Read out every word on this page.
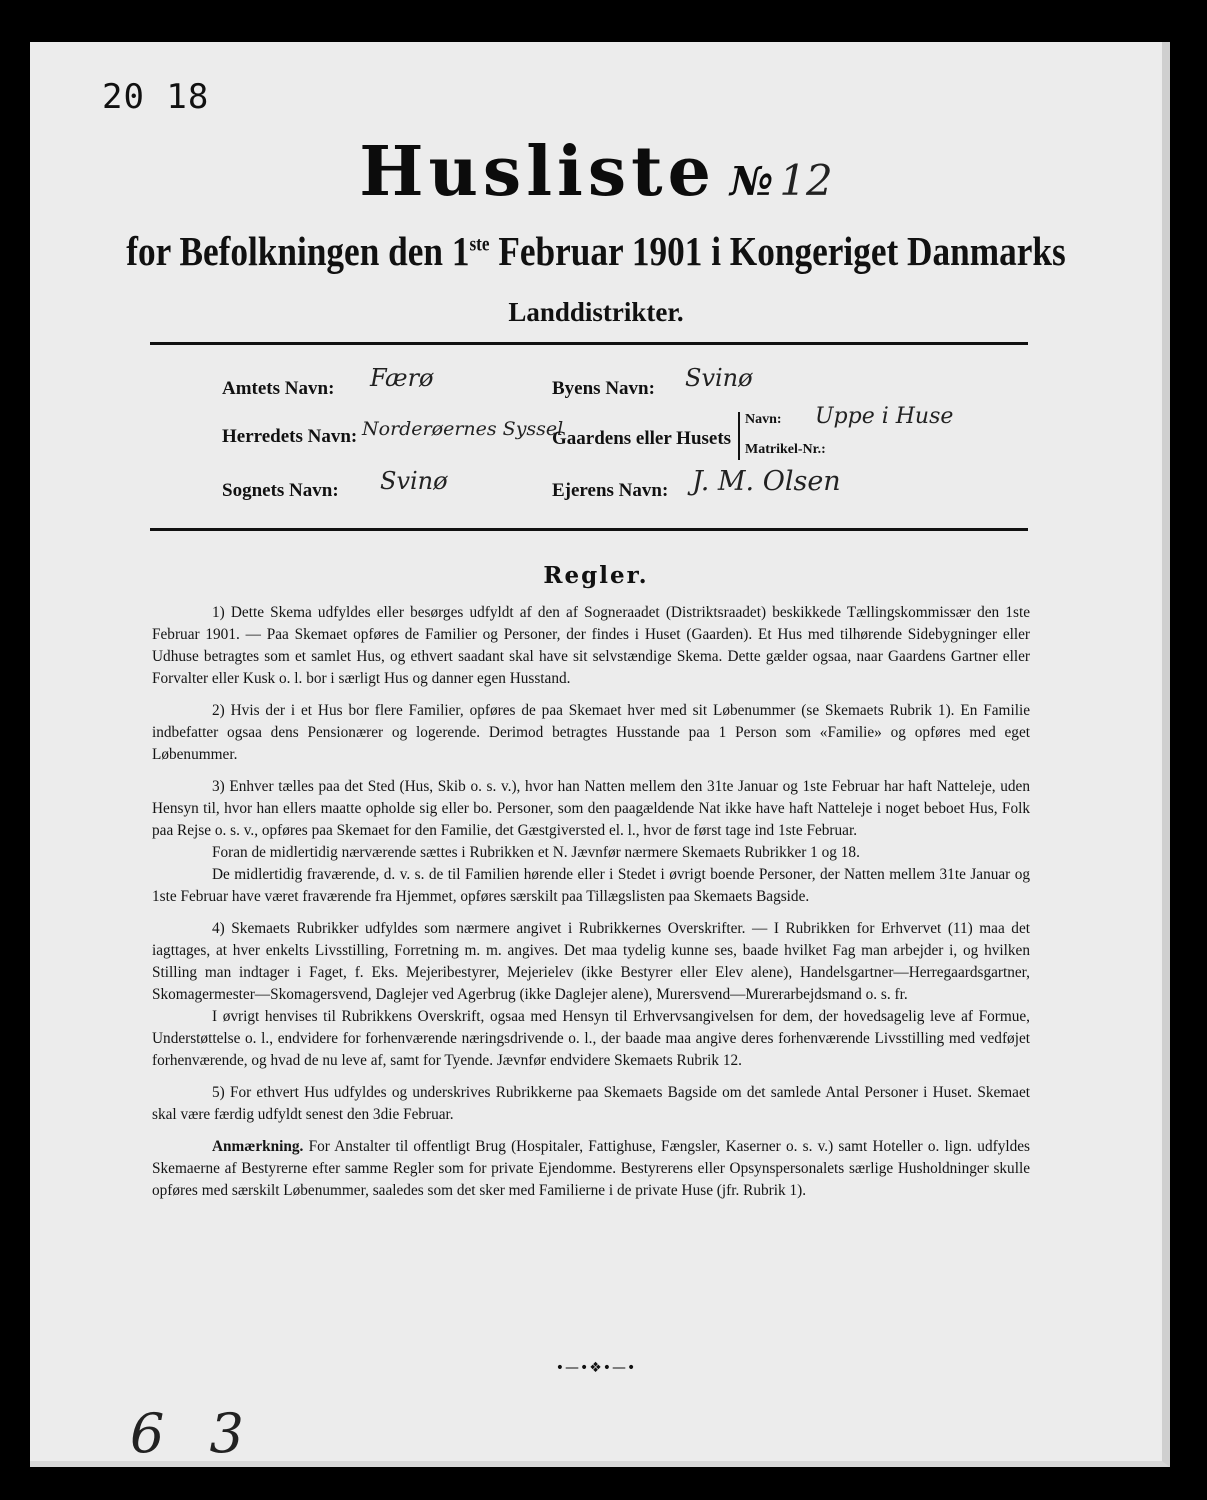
20 18
Husliste № 12
for Befolkningen den 1ste Februar 1901 i Kongeriget Danmarks
Landdistrikter.
Amtets Navn: Færø
Herredets Navn: Norderøernes Syssel
Sognets Navn: Svinø
Byens Navn: Svinø
Gaardens eller Husets
Navn: Uppe i Huse
Matrikel-Nr.:
Ejerens Navn: J. M. Olsen
Regler.

1) Dette Skema udfyldes eller besørges udfyldt af den af Sogneraadet (Distriktsraadet) beskikkede Tællingskommissær den 1ste Februar 1901. — Paa Skemaet opføres de Familier og Personer, der findes i Huset (Gaarden). Et Hus med tilhørende Sidebygninger eller Udhuse betragtes som et samlet Hus, og ethvert saadant skal have sit selvstændige Skema. Dette gælder ogsaa, naar Gaardens Gartner eller Forvalter eller Kusk o. l. bor i særligt Hus og danner egen Husstand.

2) Hvis der i et Hus bor flere Familier, opføres de paa Skemaet hver med sit Løbenummer (se Skemaets Rubrik 1). En Familie indbefatter ogsaa dens Pensionærer og logerende. Derimod betragtes Husstande paa 1 Person som «Familie» og opføres med eget Løbenummer.

3) Enhver tælles paa det Sted (Hus, Skib o. s. v.), hvor han Natten mellem den 31te Januar og 1ste Februar har haft Natteleje, uden Hensyn til, hvor han ellers maatte opholde sig eller bo. Personer, som den paagældende Nat ikke have haft Natteleje i noget beboet Hus, Folk paa Rejse o. s. v., opføres paa Skemaet for den Familie, det Gæstgiversted el. l., hvor de først tage ind 1ste Februar.

Foran de midlertidig nærværende sættes i Rubrikken et N. Jævnfør nærmere Skemaets Rubrikker 1 og 18.

De midlertidig fraværende, d. v. s. de til Familien hørende eller i Stedet i øvrigt boende Personer, der Natten mellem 31te Januar og 1ste Februar have været fraværende fra Hjemmet, opføres særskilt paa Tillægslisten paa Skemaets Bagside.

4) Skemaets Rubrikker udfyldes som nærmere angivet i Rubrikkernes Overskrifter. — I Rubrikken for Erhvervet (11) maa det iagttages, at hver enkelts Livsstilling, Forretning m. m. angives. Det maa tydelig kunne ses, baade hvilket Fag man arbejder i, og hvilken Stilling man indtager i Faget, f. Eks. Mejeribestyrer, Mejerielev (ikke Bestyrer eller Elev alene), Handelsgartner—Herregaardsgartner, Skomagermester—Skomagersvend, Daglejer ved Agerbrug (ikke Daglejer alene), Murersvend—Murerarbejdsmand o. s. fr.

I øvrigt henvises til Rubrikkens Overskrift, ogsaa med Hensyn til Erhvervsangivelsen for dem, der hovedsagelig leve af Formue, Understøttelse o. l., endvidere for forhenværende næringsdrivende o. l., der baade maa angive deres forhenværende Livsstilling med vedføjet forhenværende, og hvad de nu leve af, samt for Tyende. Jævnfør endvidere Skemaets Rubrik 12.

5) For ethvert Hus udfyldes og underskrives Rubrikkerne paa Skemaets Bagside om det samlede Antal Personer i Huset. Skemaet skal være færdig udfyldt senest den 3die Februar.

Anmærkning. For Anstalter til offentligt Brug (Hospitaler, Fattighuse, Fængsler, Kaserner o. s. v.) samt Hoteller o. lign. udfyldes Skemaerne af Bestyrerne efter samme Regler som for private Ejendomme. Bestyrerens eller Opsynspersonalets særlige Husholdninger skulle opføres med særskilt Løbenummer, saaledes som det sker med Familierne i de private Huse (jfr. Rubrik 1).

•—•❖•—•
6 3
